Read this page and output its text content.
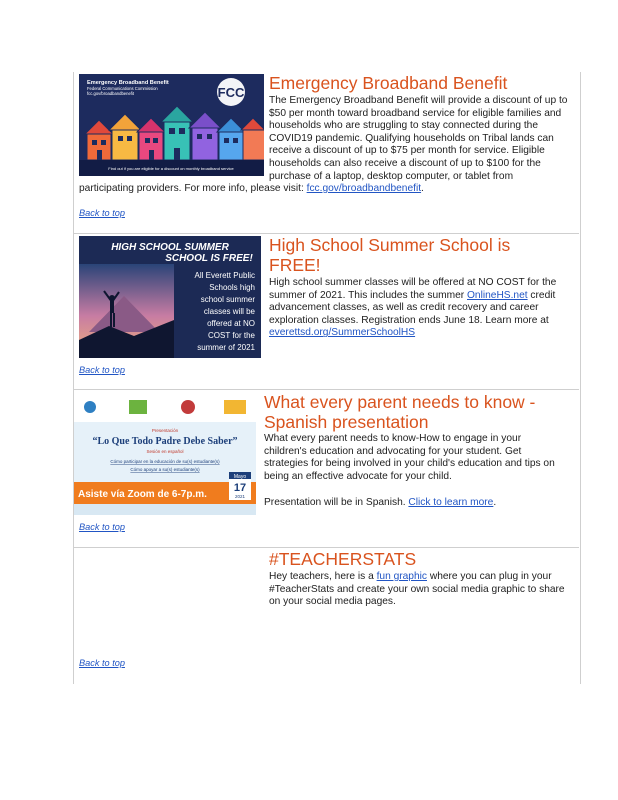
FCC
Emergency Broadband Benefit
Federal Communications Commission
fcc.gov/broadbandbenefit
Find out if you are eligible for a discount on monthly broadband service
Emergency Broadband Benefit

The Emergency Broadband Benefit will provide a discount of up to $50 per month toward broadband service for eligible families and households who are struggling to stay connected during the COVID19 pandemic. Qualifying households on Tribal lands can receive a discount of up to $75 per month for service. Eligible households can also receive a discount of up to $100 for the purchase of a laptop, desktop computer, or tablet from participating providers. For more info, please visit: fcc.gov/broadbandbenefit.

Back to top
HIGH SCHOOL SUMMER
SCHOOL IS FREE!
All Everett Public
Schools high
school summer
classes will be
offered at NO
COST for the
summer of 2021
High School Summer School is FREE!

High school summer classes will be offered at NO COST for the summer of 2021. This includes the summer OnlineHS.net credit advancement classes, as well as credit recovery and career exploration classes. Registration ends June 18. Learn more at everettsd.org/SummerSchoolHS

Back to top
Presentación
“Lo Que Todo Padre Debe Saber”
Sesión en español
Cómo participar en la educación de su(s) estudiante(s)
Cómo apoyar a su(s) estudiante(s)
Asiste vía Zoom de 6-7p.m.
Mayo
17
2021
What every parent needs to know - Spanish presentation

What every parent needs to know-How to engage in your children's education and advocating for your student. Get strategies for being involved in your child's education and tips on being an effective advocate for your child.

Presentation will be in Spanish. Click to learn more.

Back to top
#TEACHERSTATS

Hey teachers, here is a fun graphic where you can plug in your #TeacherStats and create your own social media graphic to share on your social media pages.

Back to top
